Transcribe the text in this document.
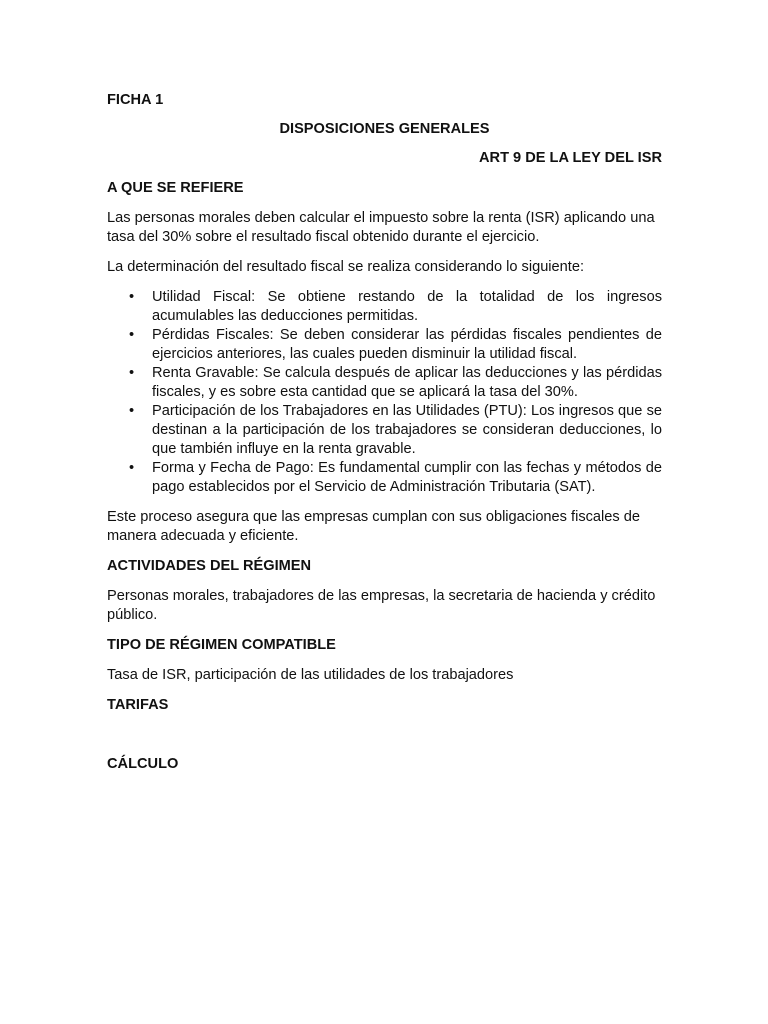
FICHA 1

DISPOSICIONES GENERALES

ART 9 DE LA LEY DEL ISR

A QUE SE REFIERE

Las personas morales deben calcular el impuesto sobre la renta (ISR) aplicando una tasa del 30% sobre el resultado fiscal obtenido durante el ejercicio.

La determinación del resultado fiscal se realiza considerando lo siguiente:

• Utilidad Fiscal: Se obtiene restando de la totalidad de los ingresos acumulables las deducciones permitidas.
• Pérdidas Fiscales: Se deben considerar las pérdidas fiscales pendientes de ejercicios anteriores, las cuales pueden disminuir la utilidad fiscal.
• Renta Gravable: Se calcula después de aplicar las deducciones y las pérdidas fiscales, y es sobre esta cantidad que se aplicará la tasa del 30%.
• Participación de los Trabajadores en las Utilidades (PTU): Los ingresos que se destinan a la participación de los trabajadores se consideran deducciones, lo que también influye en la renta gravable.
• Forma y Fecha de Pago: Es fundamental cumplir con las fechas y métodos de pago establecidos por el Servicio de Administración Tributaria (SAT).

Este proceso asegura que las empresas cumplan con sus obligaciones fiscales de manera adecuada y eficiente.

ACTIVIDADES DEL RÉGIMEN

Personas morales, trabajadores de las empresas, la secretaria de hacienda y crédito público.

TIPO DE RÉGIMEN COMPATIBLE

Tasa de ISR, participación de las utilidades de los trabajadores

TARIFAS

CÁLCULO
